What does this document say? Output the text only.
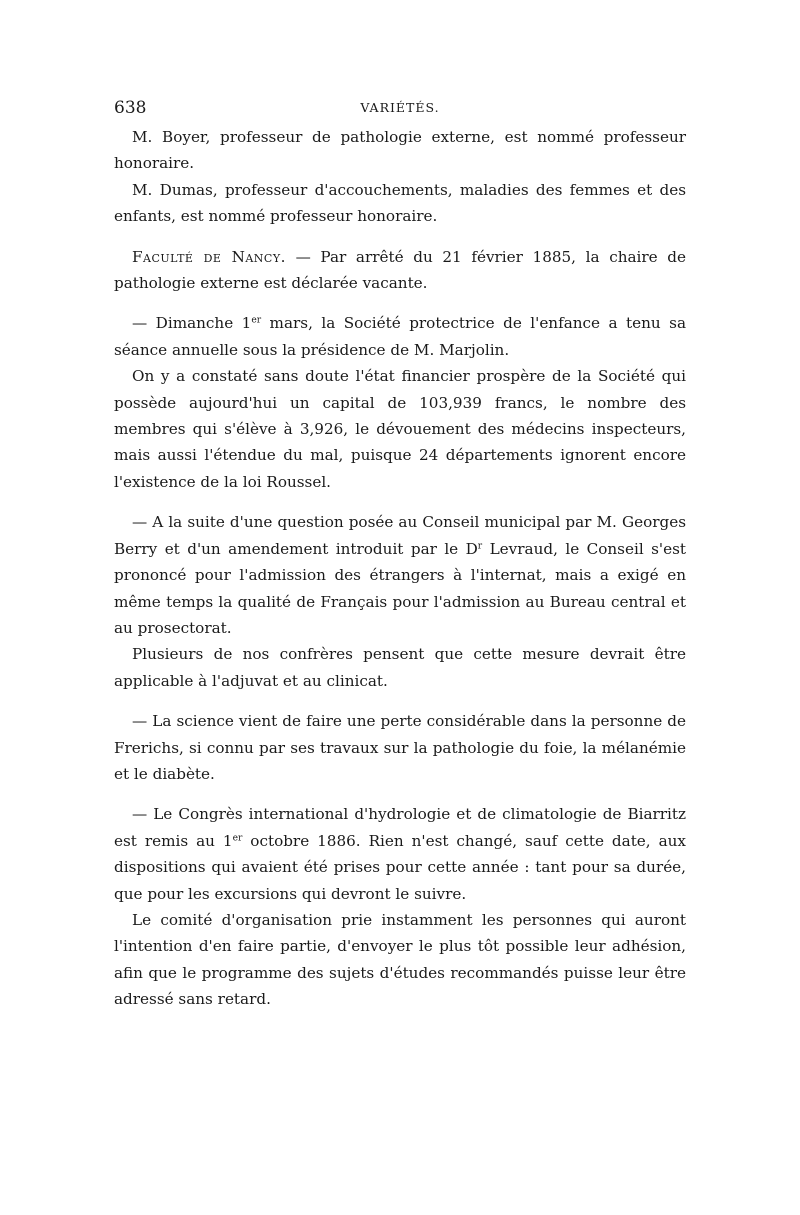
638	VARIÉTÉS.

M. Boyer, professeur de pathologie externe, est nommé professeur honoraire.

M. Dumas, professeur d'accouchements, maladies des femmes et des enfants, est nommé professeur honoraire.

Faculté de Nancy. — Par arrêté du 21 février 1885, la chaire de pathologie externe est déclarée vacante.

— Dimanche 1er mars, la Société protectrice de l'enfance a tenu sa séance annuelle sous la présidence de M. Marjolin.

On y a constaté sans doute l'état financier prospère de la Société qui possède aujourd'hui un capital de 103,939 francs, le nombre des membres qui s'élève à 3,926, le dévouement des médecins inspecteurs, mais aussi l'étendue du mal, puisque 24 départements ignorent encore l'existence de la loi Roussel.

— A la suite d'une question posée au Conseil municipal par M. Georges Berry et d'un amendement introduit par le $D^r$ Levraud, le Conseil s'est prononcé pour l'admission des étrangers à l'internat, mais a exigé en même temps la qualité de Français pour l'admission au Bureau central et au prosectorat.

Plusieurs de nos confrères pensent que cette mesure devrait être applicable à l'adjuvat et au clinicat.

— La science vient de faire une perte considérable dans la personne de Frerichs, si connu par ses travaux sur la pathologie du foie, la mélanémie et le diabète.

— Le Congrès international d'hydrologie et de climatologie de Biarritz est remis au 1er octobre 1886. Rien n'est changé, sauf cette date, aux dispositions qui avaient été prises pour cette année : tant pour sa durée, que pour les excursions qui devront le suivre.

Le comité d'organisation prie instamment les personnes qui auront l'intention d'en faire partie, d'envoyer le plus tôt possible leur adhésion, afin que le programme des sujets d'études recommandés puisse leur être adressé sans retard.
